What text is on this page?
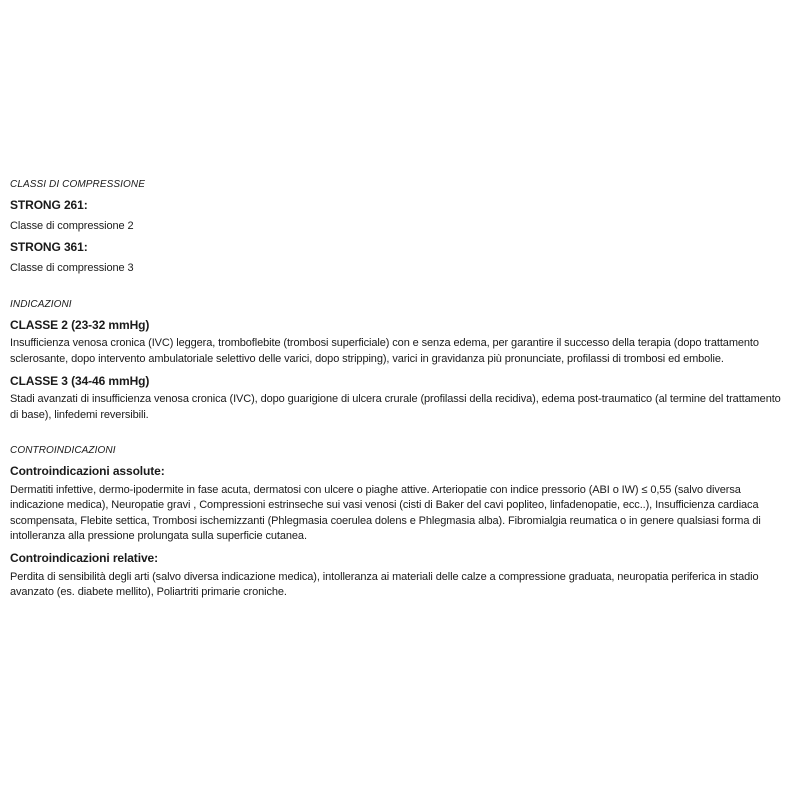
CLASSI DI COMPRESSIONE

STRONG 261:

Classe di compressione 2

STRONG 361:

Classe di compressione 3

INDICAZIONI

CLASSE 2 (23-32 mmHg)

Insufficienza venosa cronica (IVC) leggera, tromboflebite (trombosi superficiale) con e senza edema, per garantire il successo della terapia (dopo trattamento sclerosante, dopo intervento ambulatoriale selettivo delle varici, dopo stripping), varici in gravidanza più pronunciate, profilassi di trombosi ed embolie.

CLASSE 3 (34-46 mmHg)

Stadi avanzati di insufficienza venosa cronica (IVC), dopo guarigione di ulcera crurale (profilassi della recidiva), edema post-traumatico (al termine del trattamento di base), linfedemi reversibili.

CONTROINDICAZIONI

Controindicazioni assolute:

Dermatiti infettive, dermo-ipodermite in fase acuta, dermatosi con ulcere o piaghe attive. Arteriopatie con indice pressorio (ABI o IW) ≤ 0,55 (salvo diversa indicazione medica), Neuropatie gravi , Compressioni estrinseche sui vasi venosi (cisti di Baker del cavi popliteo, linfadenopatie, ecc..), Insufficienza cardiaca scompensata, Flebite settica, Trombosi ischemizzanti (Phlegmasia coerulea dolens e Phlegmasia alba). Fibromialgia reumatica o in genere qualsiasi forma di intolleranza alla pressione prolungata sulla superficie cutanea.

Controindicazioni relative:

Perdita di sensibilità degli arti (salvo diversa indicazione medica), intolleranza ai materiali delle calze a compressione graduata, neuropatia periferica in stadio avanzato (es. diabete mellito), Poliartriti primarie croniche.
